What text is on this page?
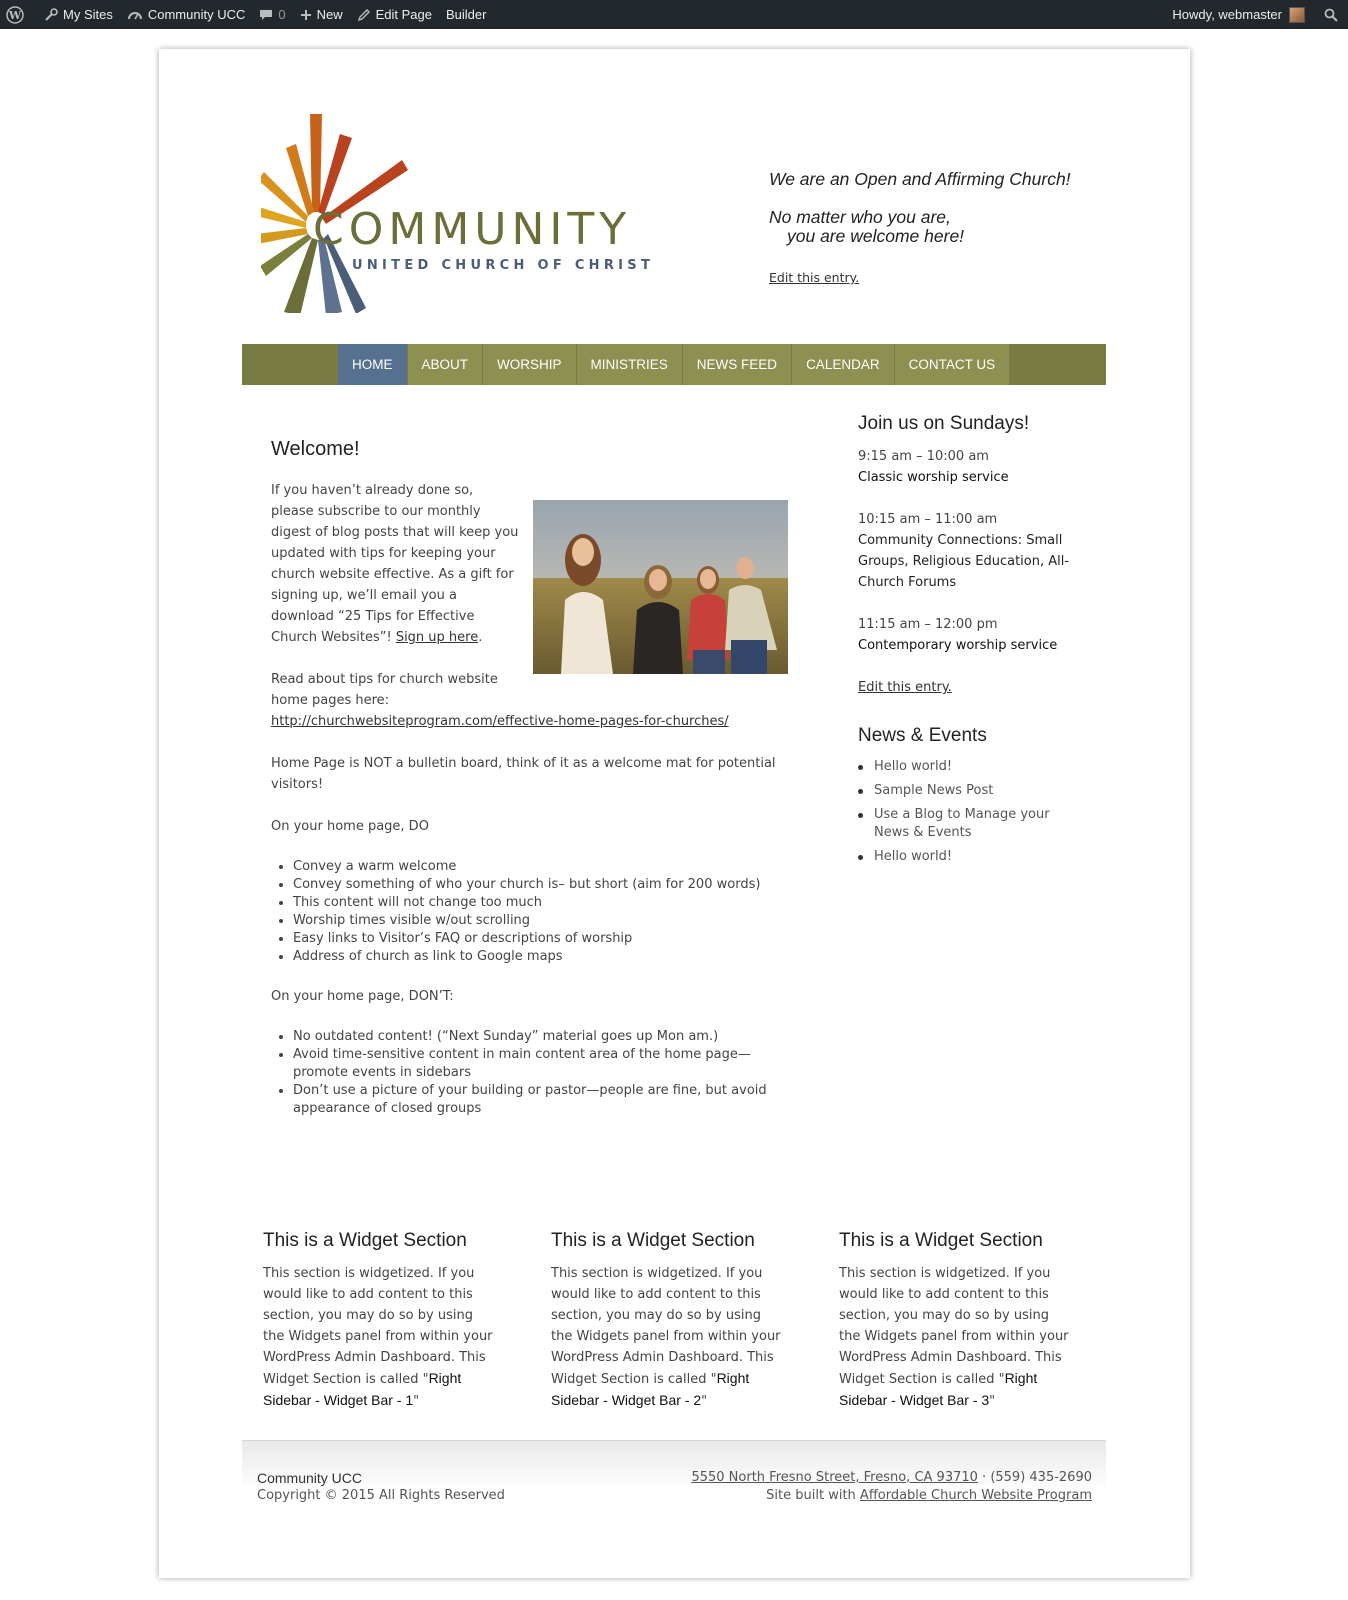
W	My Sites	Community UCC	0 New	Edit Page Builder	Howdy, webmaster
COMMUNITY
UNITED CHURCH OF CHRIST
We are an Open and Affirming Church!
No matter who you are,
you are welcome here!
Edit this entry.
HOME	ABOUT	WORSHIP	MINISTRIES	NEWS FEED	CALENDAR	CONTACT US
Welcome!
If you haven’t already done so, please subscribe to our monthly digest of blog posts that will keep you updated with tips for keeping your church website effective. As a gift for signing up, we’ll email you a download “25 Tips for Effective Church Websites”! Sign up here.

Read about tips for church website home pages here:
http://churchwebsiteprogram.com/effective-home-pages-for-churches/

Home Page is NOT a bulletin board, think of it as a welcome mat for potential visitors!

On your home page, DO

• Convey a warm welcome
• Convey something of who your church is– but short (aim for 200 words)
• This content will not change too much
• Worship times visible w/out scrolling
• Easy links to Visitor’s FAQ or descriptions of worship
• Address of church as link to Google maps

On your home page, DON’T:

• No outdated content! (“Next Sunday” material goes up Mon am.)
• Avoid time-sensitive content in main content area of the home page—promote events in sidebars
• Don’t use a picture of your building or pastor—people are fine, but avoid appearance of closed groups
Join us on Sundays!
9:15 am – 10:00 am
Classic worship service
10:15 am – 11:00 am
Community Connections: Small Groups, Religious Education, All-Church Forums
11:15 am – 12:00 pm
Contemporary worship service
Edit this entry.
News & Events
Hello world!
Sample News Post
Use a Blog to Manage your News & Events
Hello world!
This is a Widget Section
This section is widgetized. If you would like to add content to this section, you may do so by using the Widgets panel from within your WordPress Admin Dashboard. This Widget Section is called "Right Sidebar - Widget Bar - 1"
This is a Widget Section
This section is widgetized. If you would like to add content to this section, you may do so by using the Widgets panel from within your WordPress Admin Dashboard. This Widget Section is called "Right Sidebar - Widget Bar - 2"
This is a Widget Section
This section is widgetized. If you would like to add content to this section, you may do so by using the Widgets panel from within your WordPress Admin Dashboard. This Widget Section is called "Right Sidebar - Widget Bar - 3"
Community UCC
Copyright © 2015 All Rights Reserved
5550 North Fresno Street, Fresno, CA 93710 · (559) 435-2690
Site built with Affordable Church Website Program
